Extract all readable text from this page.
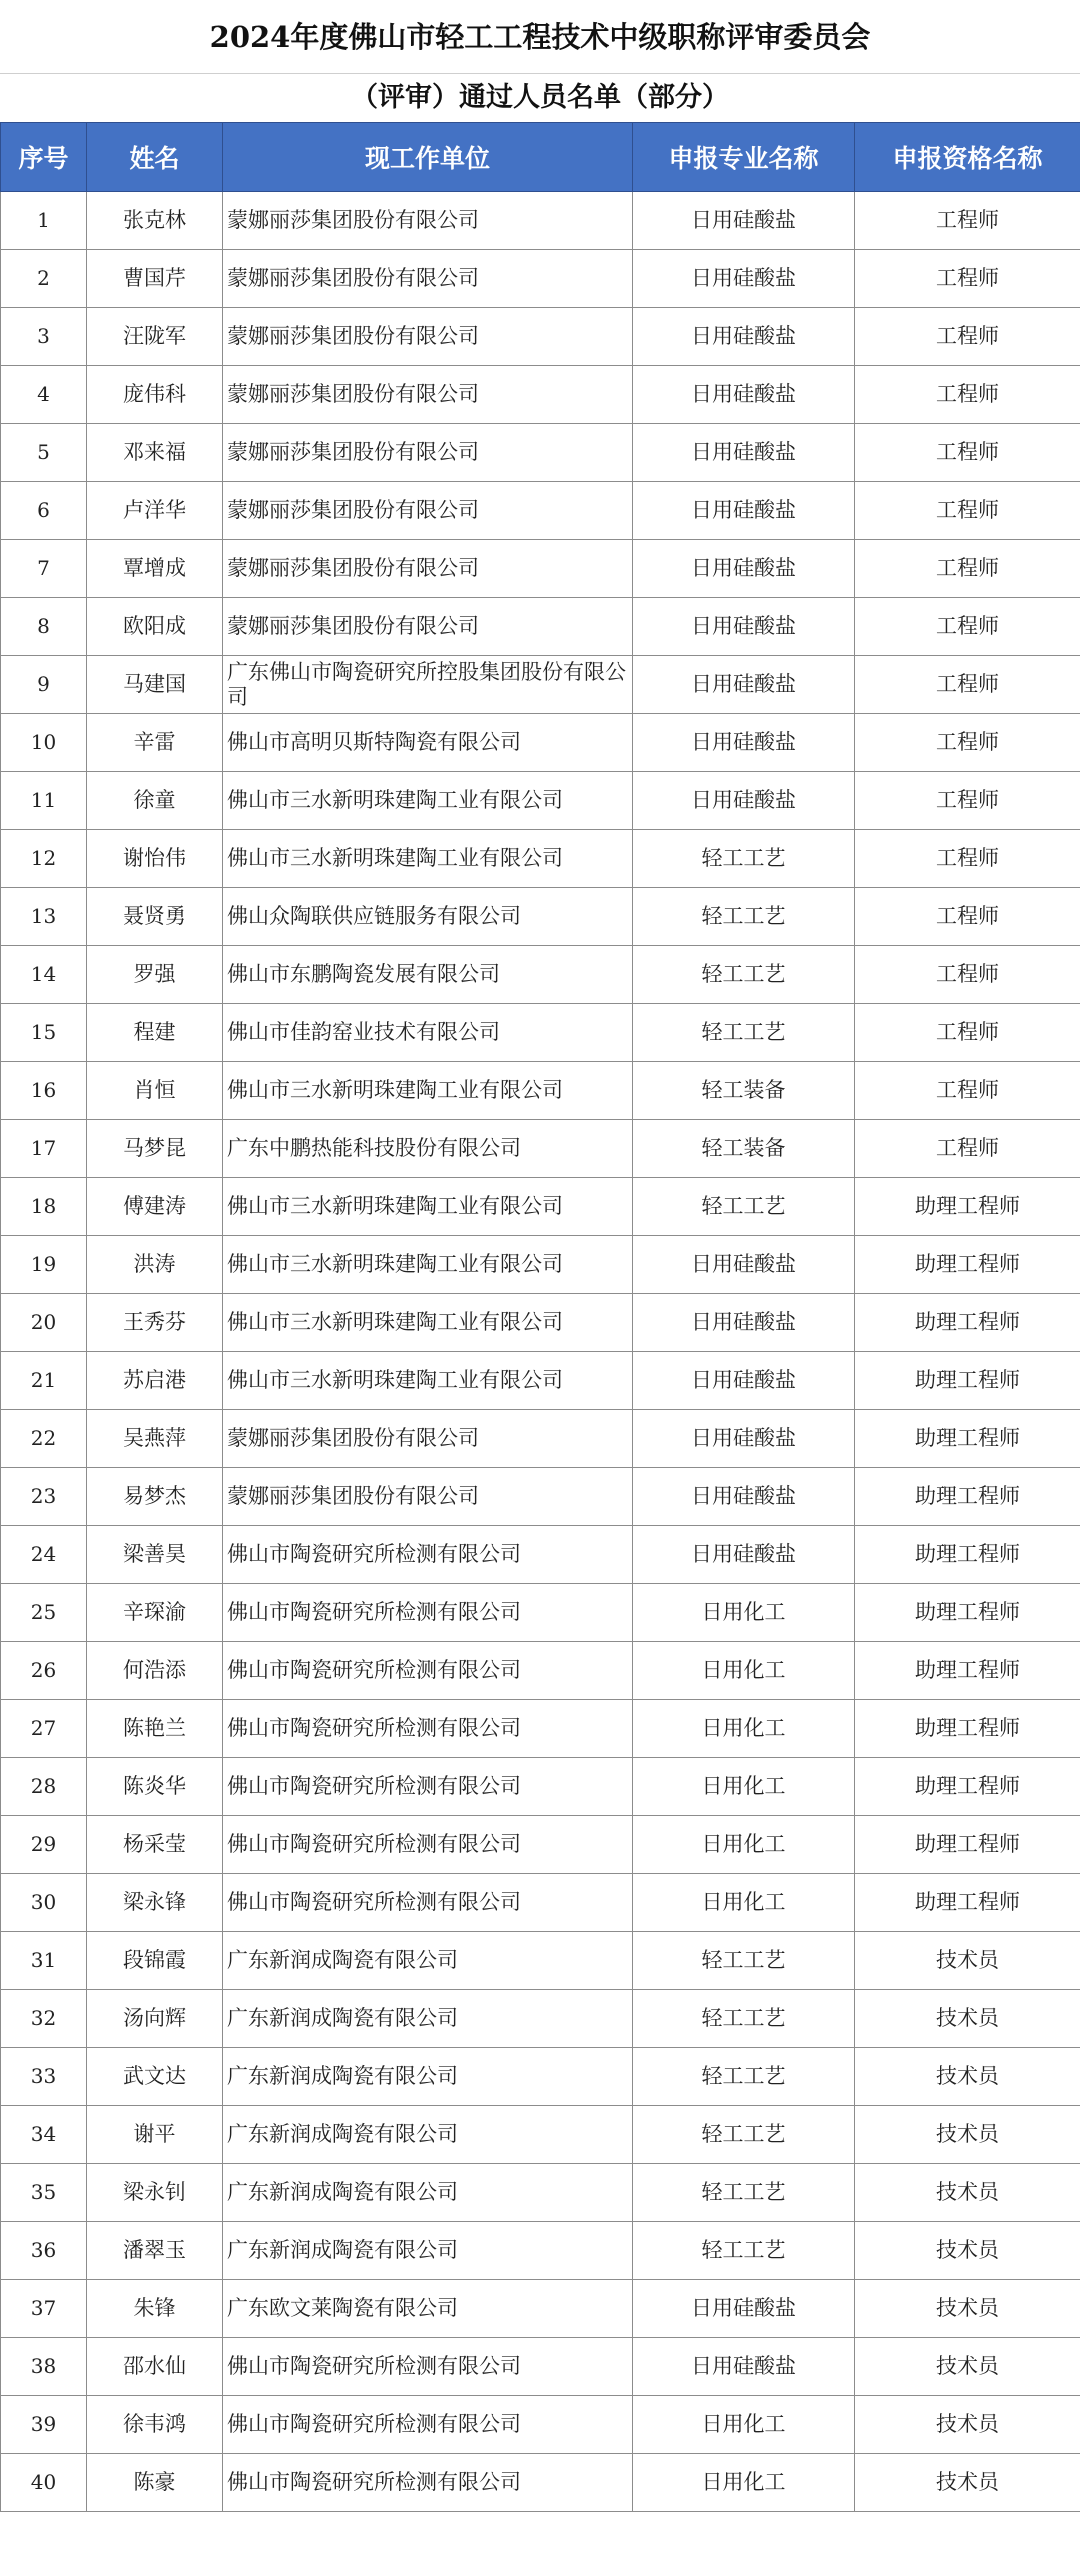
2024年度佛山市轻工工程技术中级职称评审委员会
（评审）通过人员名单（部分）
序号	姓名	现工作单位	申报专业名称	申报资格名称
1	张克林	蒙娜丽莎集团股份有限公司	日用硅酸盐	工程师
2	曹国芹	蒙娜丽莎集团股份有限公司	日用硅酸盐	工程师
3	汪陇军	蒙娜丽莎集团股份有限公司	日用硅酸盐	工程师
4	庞伟科	蒙娜丽莎集团股份有限公司	日用硅酸盐	工程师
5	邓来福	蒙娜丽莎集团股份有限公司	日用硅酸盐	工程师
6	卢洋华	蒙娜丽莎集团股份有限公司	日用硅酸盐	工程师
7	覃增成	蒙娜丽莎集团股份有限公司	日用硅酸盐	工程师
8	欧阳成	蒙娜丽莎集团股份有限公司	日用硅酸盐	工程师
9	马建国	广东佛山市陶瓷研究所控股集团股份有限公司	日用硅酸盐	工程师
10	辛雷	佛山市高明贝斯特陶瓷有限公司	日用硅酸盐	工程师
11	徐童	佛山市三水新明珠建陶工业有限公司	日用硅酸盐	工程师
12	谢怡伟	佛山市三水新明珠建陶工业有限公司	轻工工艺	工程师
13	聂贤勇	佛山众陶联供应链服务有限公司	轻工工艺	工程师
14	罗强	佛山市东鹏陶瓷发展有限公司	轻工工艺	工程师
15	程建	佛山市佳韵窑业技术有限公司	轻工工艺	工程师
16	肖恒	佛山市三水新明珠建陶工业有限公司	轻工装备	工程师
17	马梦昆	广东中鹏热能科技股份有限公司	轻工装备	工程师
18	傅建涛	佛山市三水新明珠建陶工业有限公司	轻工工艺	助理工程师
19	洪涛	佛山市三水新明珠建陶工业有限公司	日用硅酸盐	助理工程师
20	王秀芬	佛山市三水新明珠建陶工业有限公司	日用硅酸盐	助理工程师
21	苏启港	佛山市三水新明珠建陶工业有限公司	日用硅酸盐	助理工程师
22	吴燕萍	蒙娜丽莎集团股份有限公司	日用硅酸盐	助理工程师
23	易梦杰	蒙娜丽莎集团股份有限公司	日用硅酸盐	助理工程师
24	梁善昊	佛山市陶瓷研究所检测有限公司	日用硅酸盐	助理工程师
25	辛琛渝	佛山市陶瓷研究所检测有限公司	日用化工	助理工程师
26	何浩添	佛山市陶瓷研究所检测有限公司	日用化工	助理工程师
27	陈艳兰	佛山市陶瓷研究所检测有限公司	日用化工	助理工程师
28	陈炎华	佛山市陶瓷研究所检测有限公司	日用化工	助理工程师
29	杨采莹	佛山市陶瓷研究所检测有限公司	日用化工	助理工程师
30	梁永锋	佛山市陶瓷研究所检测有限公司	日用化工	助理工程师
31	段锦霞	广东新润成陶瓷有限公司	轻工工艺	技术员
32	汤向辉	广东新润成陶瓷有限公司	轻工工艺	技术员
33	武文达	广东新润成陶瓷有限公司	轻工工艺	技术员
34	谢平	广东新润成陶瓷有限公司	轻工工艺	技术员
35	梁永钊	广东新润成陶瓷有限公司	轻工工艺	技术员
36	潘翠玉	广东新润成陶瓷有限公司	轻工工艺	技术员
37	朱锋	广东欧文莱陶瓷有限公司	日用硅酸盐	技术员
38	邵水仙	佛山市陶瓷研究所检测有限公司	日用硅酸盐	技术员
39	徐韦鸿	佛山市陶瓷研究所检测有限公司	日用化工	技术员
40	陈豪	佛山市陶瓷研究所检测有限公司	日用化工	技术员
